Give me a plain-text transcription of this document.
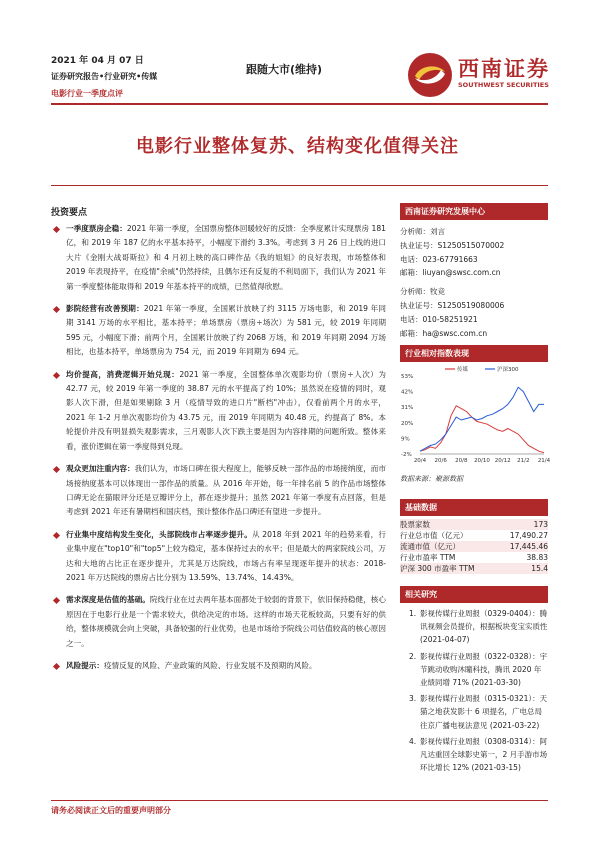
2021 年 04 月 07 日
证券研究报告•行业研究•传媒
电影行业一季度点评
跟随大市(维持)	西南证券
SOUTHWEST SECURITIES
电影行业整体复苏、结构变化值得关注
投资要点
一季度票房企稳：2021 年第一季度，全国票房整体回暖较好的反馈：全季度累计实现票房 181 亿，和 2019 年 187 亿的水平基本持平，小幅度下滑约 3.3%。考虑到 3 月 26 日上线的进口大片《金刚大战哥斯拉》和 4 月初上映的高口碑作品《我的姐姐》的良好表现，市场整体和 2019 年表现持平，在疫情"余威"仍然持续，且偶尔还有反复的不利局面下，我们认为 2021 年第一季度整体能取得和 2019 年基本持平的成绩，已然值得欣慰。
影院经营有改善预期：2021 年第一季度，全国累计放映了约 3115 万场电影，和 2019 年同期 3141 万场的水平相比，基本持平；单场票房（票房÷场次）为 581 元，较 2019 年同期 595 元，小幅度下滑；前两个月，全国累计放映了约 2068 万场，和 2019 年同期 2094 万场相比，也基本持平，单场票房为 754 元，而 2019 年同期为 694 元。
均价提高，消费逻辑开始兑现：2021 第一季度，全国整体单次观影均价（票房÷人次）为 42.77 元，较 2019 年第一季度的 38.87 元的水平提高了约 10%；虽然说在疫情的同时，观影人次下滑，但是如果剔除 3 月（疫情导致的进口片"断档"冲击），仅看前两个月的水平，2021 年 1-2 月单次观影均价为 43.75 元，而 2019 年同期为 40.48 元，约提高了 8%。本轮提价并没有明显损失观影需求，三月观影人次下跌主要是因为内容排期的问题所致。整体来看，涨价逻辑在第一季度得到兑现。
观众更加注重内容：我们认为，市场口碑在很大程度上，能够反映一部作品的市场接纳度，而市场接纳度基本可以体现出一部作品的质量。从 2016 年开始，每一年排名前 5 的作品市场整体口碑无论在猫眼评分还是豆瓣评分上，都在逐步提升；虽然 2021 年第一季度有点回落，但是考虑到 2021 年还有暑期档和国庆档，预计整体作品口碑还有望进一步提升。
行业集中度结构发生变化，头部院线市占率逐步提升。从 2018 年到 2021 年的趋势来看，行业集中度在"top10"和"top5"上较为稳定，基本保持过去的水平；但是最大的两家院线公司，万达和大地的占比正在逐步提升，尤其是万达院线，市场占有率呈现逐年提升的状态：2018-2021 年万达院线的票房占比分别为 13.59%、13.74%、14.43%。
需求深度是估值的基础。院线行业在过去两年基本面都处于较弱的背景下，依旧保持稳健，核心原因在于电影行业是一个需求较大，供给决定的市场。这样的市场天花板较高，只要有好的供给，整体规模就会向上突破，具备较强的行业优势，也是市场给予院线公司估值较高的核心原因之一。
风险提示：疫情反复的风险、产业政策的风险、行业发展不及预期的风险。
西南证券研究发展中心
分析师：刘言
执业证号：S1250515070002
电话：023-67791663
邮箱：liuyan@swsc.com.cn
分析师：牧竞
执业证号：S1250519080006
电话：010-58251921
邮箱：ha@swsc.com.cn
行业相对指数表现
-2%
9%
20%
31%
42%
53%
20/4 20/6 20/8 20/10 20/12 21/2 21/4
传媒	沪深300
数据来源：聚源数据
基础数据
股票家数	173
行业总市值（亿元）	17,490.27
流通市值（亿元）	17,445.46
行业市盈率 TTM	38.83
沪深 300 市盈率 TTM	15.4
相关研究
1. 影视传媒行业周报（0329-0404）：腾讯视频会员提价，根据板块变宝实质性 (2021-04-07)
2. 影视传媒行业周报（0322-0328）：宇节跳动收购沐瞳科技，腾讯 2020 年业绩同增 71% (2021-03-30)
3. 影视传媒行业周报（0315-0321）：天猫之地获发影十 6 项提名，广电总局往京广播电视法意见 (2021-03-22)
4. 影视传媒行业周报（0308-0314）：阿凡达重回全球影史第一，2 月手游市场环比增长 12% (2021-03-15)
请务必阅读正文后的重要声明部分
